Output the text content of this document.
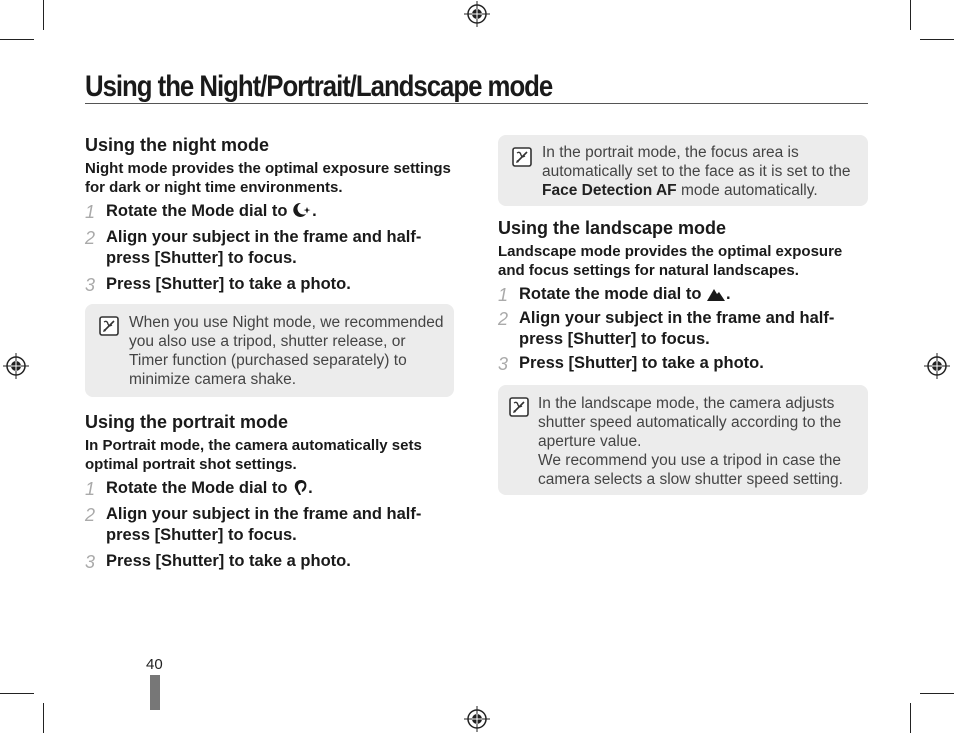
Using the Night/Portrait/Landscape mode
Using the night mode

Night mode provides the optimal exposure settings for dark or night time environments.

1 Rotate the Mode dial to .
2 Align your subject in the frame and half-press [Shutter] to focus.
3 Press [Shutter] to take a photo.
When you use Night mode, we recommended you also use a tripod, shutter release, or Timer function (purchased separately) to minimize camera shake.
Using the portrait mode

In Portrait mode, the camera automatically sets optimal portrait shot settings.

1 Rotate the Mode dial to .
2 Align your subject in the frame and half-press [Shutter] to focus.
3 Press [Shutter] to take a photo.
In the portrait mode, the focus area is automatically set to the face as it is set to the Face Detection AF mode automatically.
Using the landscape mode

Landscape mode provides the optimal exposure and focus settings for natural landscapes.

1 Rotate the mode dial to .
2 Align your subject in the frame and half-press [Shutter] to focus.
3 Press [Shutter] to take a photo.
In the landscape mode, the camera adjusts shutter speed automatically according to the aperture value.
We recommend you use a tripod in case the camera selects a slow shutter speed setting.
40
